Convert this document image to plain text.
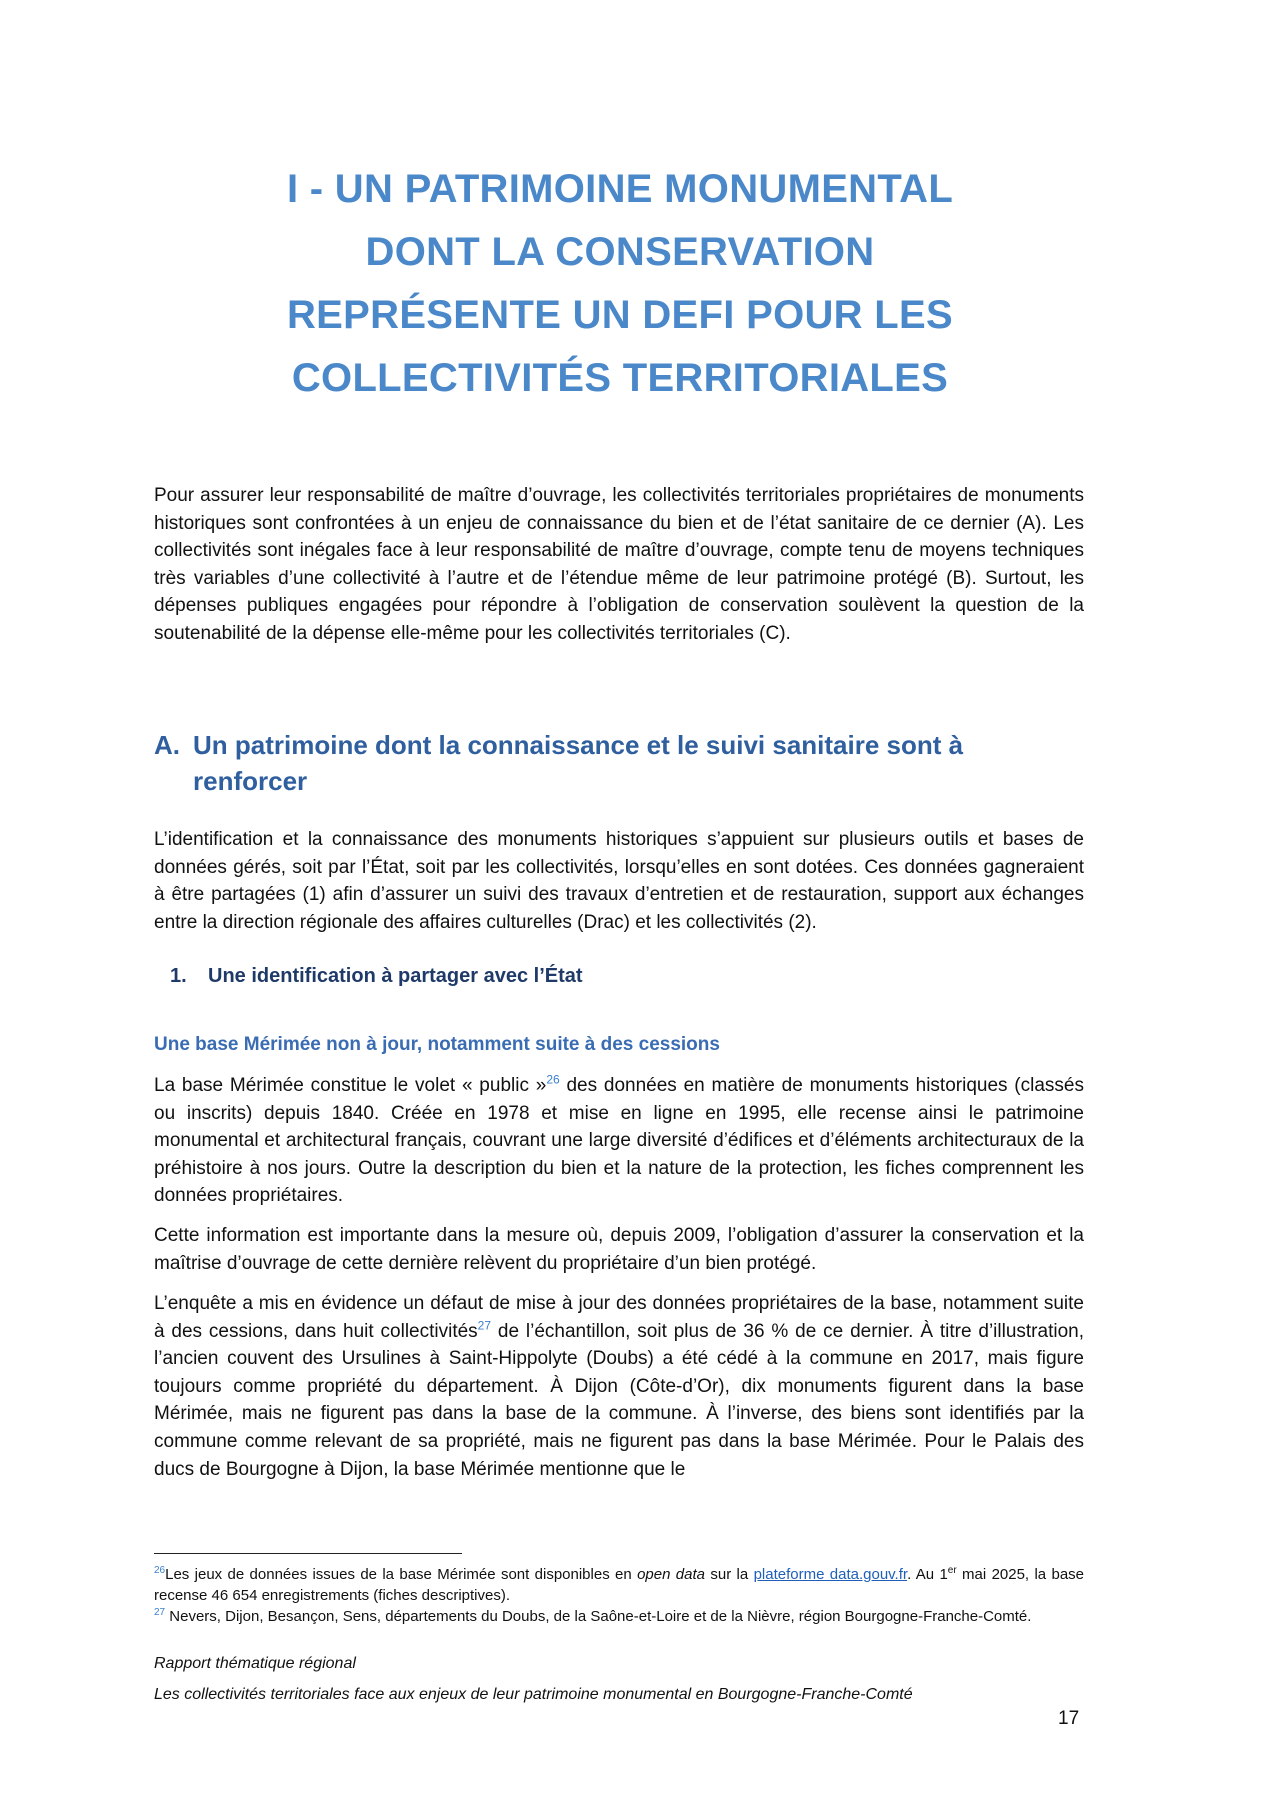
I - UN PATRIMOINE MONUMENTAL
DONT LA CONSERVATION
REPRÉSENTE UN DEFI POUR LES
COLLECTIVITÉS TERRITORIALES

Pour assurer leur responsabilité de maître d’ouvrage, les collectivités territoriales propriétaires de monuments historiques sont confrontées à un enjeu de connaissance du bien et de l’état sanitaire de ce dernier (A). Les collectivités sont inégales face à leur responsabilité de maître d’ouvrage, compte tenu de moyens techniques très variables d’une collectivité à l’autre et de l’étendue même de leur patrimoine protégé (B). Surtout, les dépenses publiques engagées pour répondre à l’obligation de conservation soulèvent la question de la soutenabilité de la dépense elle-même pour les collectivités territoriales (C).

A. Un patrimoine dont la connaissance et le suivi sanitaire sont à renforcer

L’identification et la connaissance des monuments historiques s’appuient sur plusieurs outils et bases de données gérés, soit par l’État, soit par les collectivités, lorsqu’elles en sont dotées. Ces données gagneraient à être partagées (1) afin d’assurer un suivi des travaux d’entretien et de restauration, support aux échanges entre la direction régionale des affaires culturelles (Drac) et les collectivités (2).

1. Une identification à partager avec l’État
Une base Mérimée non à jour, notamment suite à des cessions

La base Mérimée constitue le volet « public »$^{26}$ des données en matière de monuments historiques (classés ou inscrits) depuis 1840. Créée en 1978 et mise en ligne en 1995, elle recense ainsi le patrimoine monumental et architectural français, couvrant une large diversité d’édifices et d’éléments architecturaux de la préhistoire à nos jours. Outre la description du bien et la nature de la protection, les fiches comprennent les données propriétaires.

Cette information est importante dans la mesure où, depuis 2009, l’obligation d’assurer la conservation et la maîtrise d’ouvrage de cette dernière relèvent du propriétaire d’un bien protégé.

L’enquête a mis en évidence un défaut de mise à jour des données propriétaires de la base, notamment suite à des cessions, dans huit collectivités$^{27}$ de l’échantillon, soit plus de 36 % de ce dernier. À titre d’illustration, l’ancien couvent des Ursulines à Saint-Hippolyte (Doubs) a été cédé à la commune en 2017, mais figure toujours comme propriété du département. À Dijon (Côte-d’Or), dix monuments figurent dans la base Mérimée, mais ne figurent pas dans la base de la commune. À l’inverse, des biens sont identifiés par la commune comme relevant de sa propriété, mais ne figurent pas dans la base Mérimée. Pour le Palais des ducs de Bourgogne à Dijon, la base Mérimée mentionne que le

$^{26}$Les jeux de données issues de la base Mérimée sont disponibles en open data sur la plateforme data.gouv.fr. Au 1er mai 2025, la base recense 46 654 enregistrements (fiches descriptives).

$^{27}$ Nevers, Dijon, Besançon, Sens, départements du Doubs, de la Saône-et-Loire et de la Nièvre, région Bourgogne-Franche-Comté.

Rapport thématique régional
Les collectivités territoriales face aux enjeux de leur patrimoine monumental en Bourgogne-Franche-Comté
17
